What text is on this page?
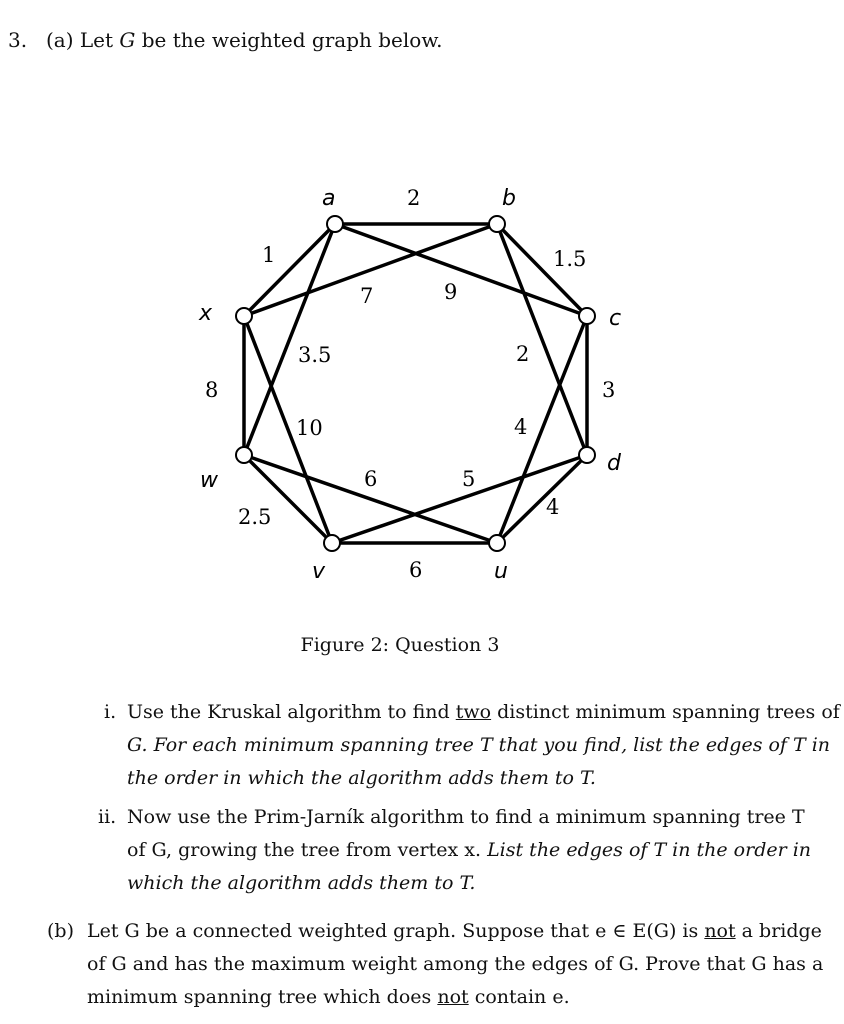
3. (a) Let G be the weighted graph below.
a	b
c
d
u
v
w
x
2
1
3.5
9
7
1.5
2
3
4
4
8
10
2.5
6
6
5
Figure 2: Question 3
i. Use the Kruskal algorithm to find two distinct minimum spanning trees of
G. For each minimum spanning tree T that you find, list the edges of T in
the order in which the algorithm adds them to T.
ii. Now use the Prim-Jarník algorithm to find a minimum spanning tree T
of G, growing the tree from vertex x. List the edges of T in the order in
which the algorithm adds them to T.
(b) Let G be a connected weighted graph. Suppose that e ∈ E(G) is not a bridge
of G and has the maximum weight among the edges of G. Prove that G has a
minimum spanning tree which does not contain e.
